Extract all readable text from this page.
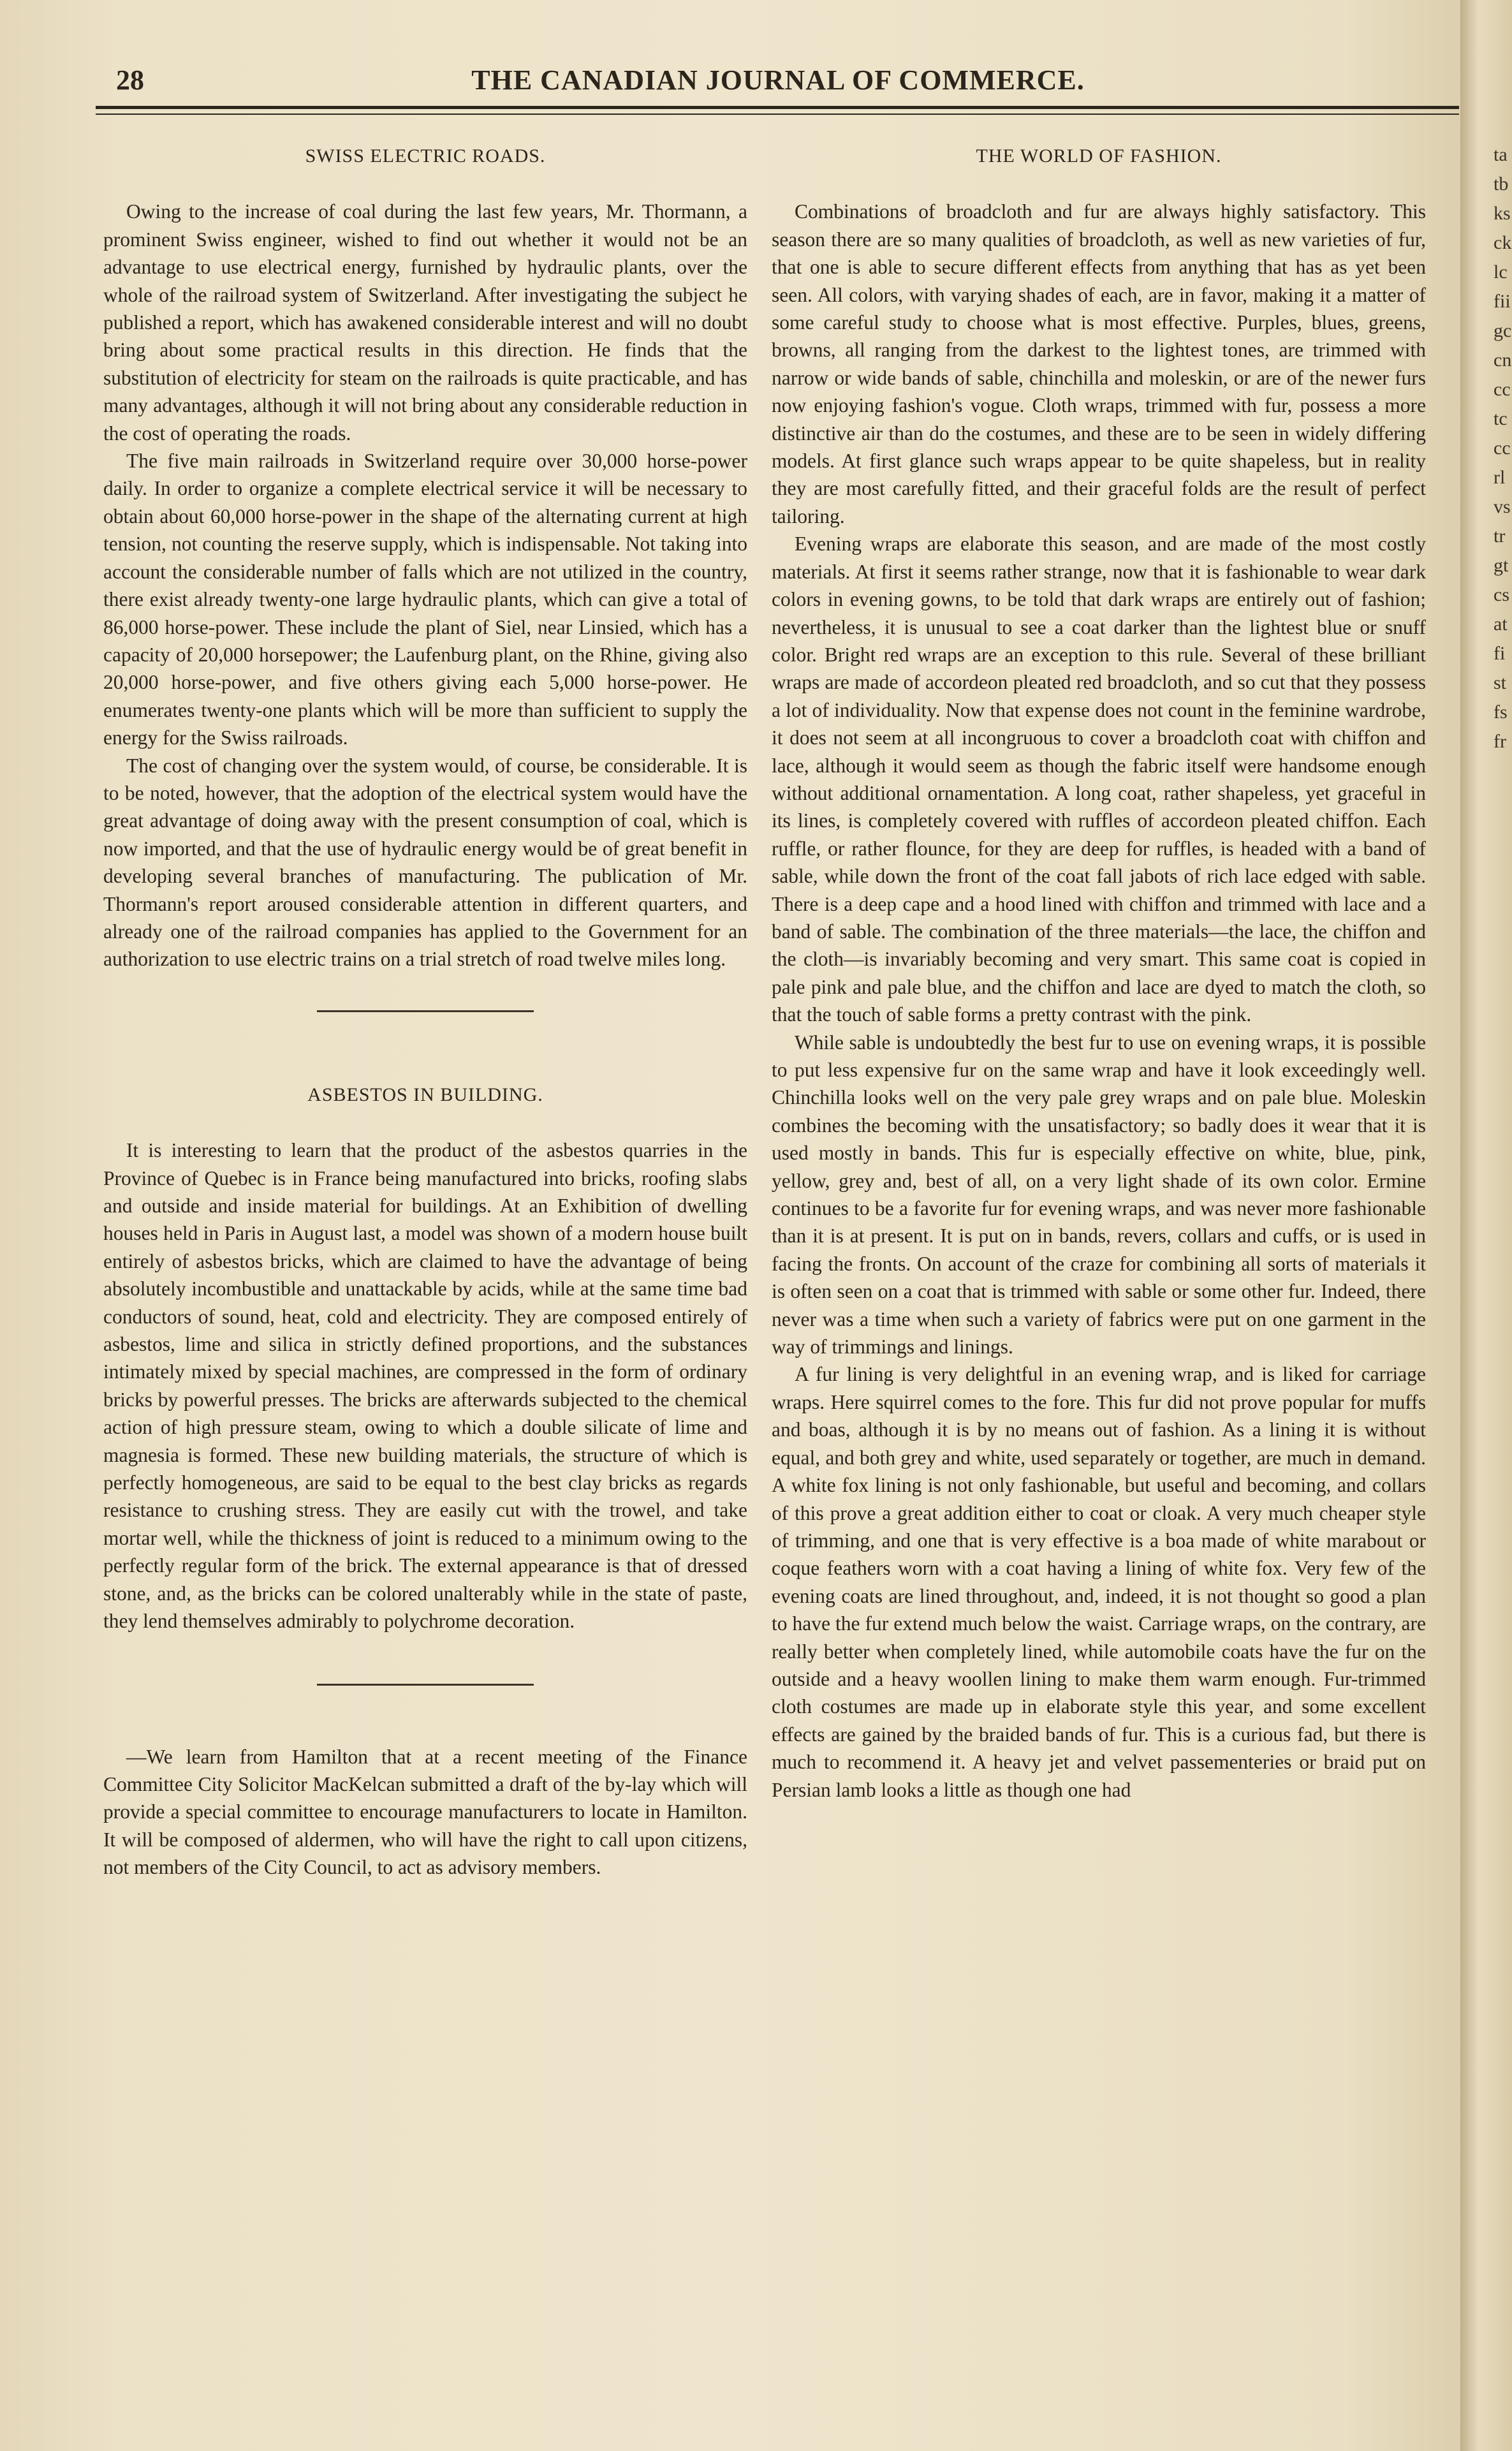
tatbkscklcfiigccncctcccrlvstrgtcsatfistfsfr
28	THE CANADIAN JOURNAL OF COMMERCE.
SWISS ELECTRIC ROADS.

Owing to the increase of coal during the last few years, Mr. Thormann, a prominent Swiss engineer, wished to find out whether it would not be an advantage to use electrical energy, furnished by hydraulic plants, over the whole of the railroad system of Switzerland. After investigating the subject he published a report, which has awakened considerable interest and will no doubt bring about some practical results in this direction. He finds that the substitution of electricity for steam on the railroads is quite practicable, and has many advantages, although it will not bring about any considerable reduction in the cost of operating the roads.

The five main railroads in Switzerland require over 30,000 horse-power daily. In order to organize a complete electrical service it will be necessary to obtain about 60,000 horse-power in the shape of the alternating current at high tension, not counting the reserve supply, which is indispensable. Not taking into account the considerable number of falls which are not utilized in the country, there exist already twenty-one large hydraulic plants, which can give a total of 86,000 horse-power. These include the plant of Siel, near Linsied, which has a capacity of 20,000 horsepower; the Laufenburg plant, on the Rhine, giving also 20,000 horse-power, and five others giving each 5,000 horse-power. He enumerates twenty-one plants which will be more than sufficient to supply the energy for the Swiss railroads.

The cost of changing over the system would, of course, be considerable. It is to be noted, however, that the adoption of the electrical system would have the great advantage of doing away with the present consumption of coal, which is now imported, and that the use of hydraulic energy would be of great benefit in developing several branches of manufacturing. The publication of Mr. Thormann's report aroused considerable attention in different quarters, and already one of the railroad companies has applied to the Government for an authorization to use electric trains on a trial stretch of road twelve miles long.

ASBESTOS IN BUILDING.

It is interesting to learn that the product of the asbestos quarries in the Province of Quebec is in France being manufactured into bricks, roofing slabs and outside and inside material for buildings. At an Exhibition of dwelling houses held in Paris in August last, a model was shown of a modern house built entirely of asbestos bricks, which are claimed to have the advantage of being absolutely incombustible and unattackable by acids, while at the same time bad conductors of sound, heat, cold and electricity. They are composed entirely of asbestos, lime and silica in strictly defined proportions, and the substances intimately mixed by special machines, are compressed in the form of ordinary bricks by powerful presses. The bricks are afterwards subjected to the chemical action of high pressure steam, owing to which a double silicate of lime and magnesia is formed. These new building materials, the structure of which is perfectly homogeneous, are said to be equal to the best clay bricks as regards resistance to crushing stress. They are easily cut with the trowel, and take mortar well, while the thickness of joint is reduced to a minimum owing to the perfectly regular form of the brick. The external appearance is that of dressed stone, and, as the bricks can be colored unalterably while in the state of paste, they lend themselves admirably to polychrome decoration.

—We learn from Hamilton that at a recent meeting of the Finance Committee City Solicitor MacKelcan submitted a draft of the by-lay which will provide a special committee to encourage manufacturers to locate in Hamilton. It will be composed of aldermen, who will have the right to call upon citizens, not members of the City Council, to act as advisory members.

THE WORLD OF FASHION.

Combinations of broadcloth and fur are always highly satisfactory. This season there are so many qualities of broadcloth, as well as new varieties of fur, that one is able to secure different effects from anything that has as yet been seen. All colors, with varying shades of each, are in favor, making it a matter of some careful study to choose what is most effective. Purples, blues, greens, browns, all ranging from the darkest to the lightest tones, are trimmed with narrow or wide bands of sable, chinchilla and moleskin, or are of the newer furs now enjoying fashion's vogue. Cloth wraps, trimmed with fur, possess a more distinctive air than do the costumes, and these are to be seen in widely differing models. At first glance such wraps appear to be quite shapeless, but in reality they are most carefully fitted, and their graceful folds are the result of perfect tailoring.

Evening wraps are elaborate this season, and are made of the most costly materials. At first it seems rather strange, now that it is fashionable to wear dark colors in evening gowns, to be told that dark wraps are entirely out of fashion; nevertheless, it is unusual to see a coat darker than the lightest blue or snuff color. Bright red wraps are an exception to this rule. Several of these brilliant wraps are made of accordeon pleated red broadcloth, and so cut that they possess a lot of individuality. Now that expense does not count in the feminine wardrobe, it does not seem at all incongruous to cover a broadcloth coat with chiffon and lace, although it would seem as though the fabric itself were handsome enough without additional ornamentation. A long coat, rather shapeless, yet graceful in its lines, is completely covered with ruffles of accordeon pleated chiffon. Each ruffle, or rather flounce, for they are deep for ruffles, is headed with a band of sable, while down the front of the coat fall jabots of rich lace edged with sable. There is a deep cape and a hood lined with chiffon and trimmed with lace and a band of sable. The combination of the three materials—the lace, the chiffon and the cloth—is invariably becoming and very smart. This same coat is copied in pale pink and pale blue, and the chiffon and lace are dyed to match the cloth, so that the touch of sable forms a pretty contrast with the pink.

While sable is undoubtedly the best fur to use on evening wraps, it is possible to put less expensive fur on the same wrap and have it look exceedingly well. Chinchilla looks well on the very pale grey wraps and on pale blue. Moleskin combines the becoming with the unsatisfactory; so badly does it wear that it is used mostly in bands. This fur is especially effective on white, blue, pink, yellow, grey and, best of all, on a very light shade of its own color. Ermine continues to be a favorite fur for evening wraps, and was never more fashionable than it is at present. It is put on in bands, revers, collars and cuffs, or is used in facing the fronts. On account of the craze for combining all sorts of materials it is often seen on a coat that is trimmed with sable or some other fur. Indeed, there never was a time when such a variety of fabrics were put on one garment in the way of trimmings and linings.

A fur lining is very delightful in an evening wrap, and is liked for carriage wraps. Here squirrel comes to the fore. This fur did not prove popular for muffs and boas, although it is by no means out of fashion. As a lining it is without equal, and both grey and white, used separately or together, are much in demand. A white fox lining is not only fashionable, but useful and becoming, and collars of this prove a great addition either to coat or cloak. A very much cheaper style of trimming, and one that is very effective is a boa made of white marabout or coque feathers worn with a coat having a lining of white fox. Very few of the evening coats are lined throughout, and, indeed, it is not thought so good a plan to have the fur extend much below the waist. Carriage wraps, on the contrary, are really better when completely lined, while automobile coats have the fur on the outside and a heavy woollen lining to make them warm enough. Fur-trimmed cloth costumes are made up in elaborate style this year, and some excellent effects are gained by the braided bands of fur. This is a curious fad, but there is much to recommend it. A heavy jet and velvet passementeries or braid put on Persian lamb looks a little as though one had
